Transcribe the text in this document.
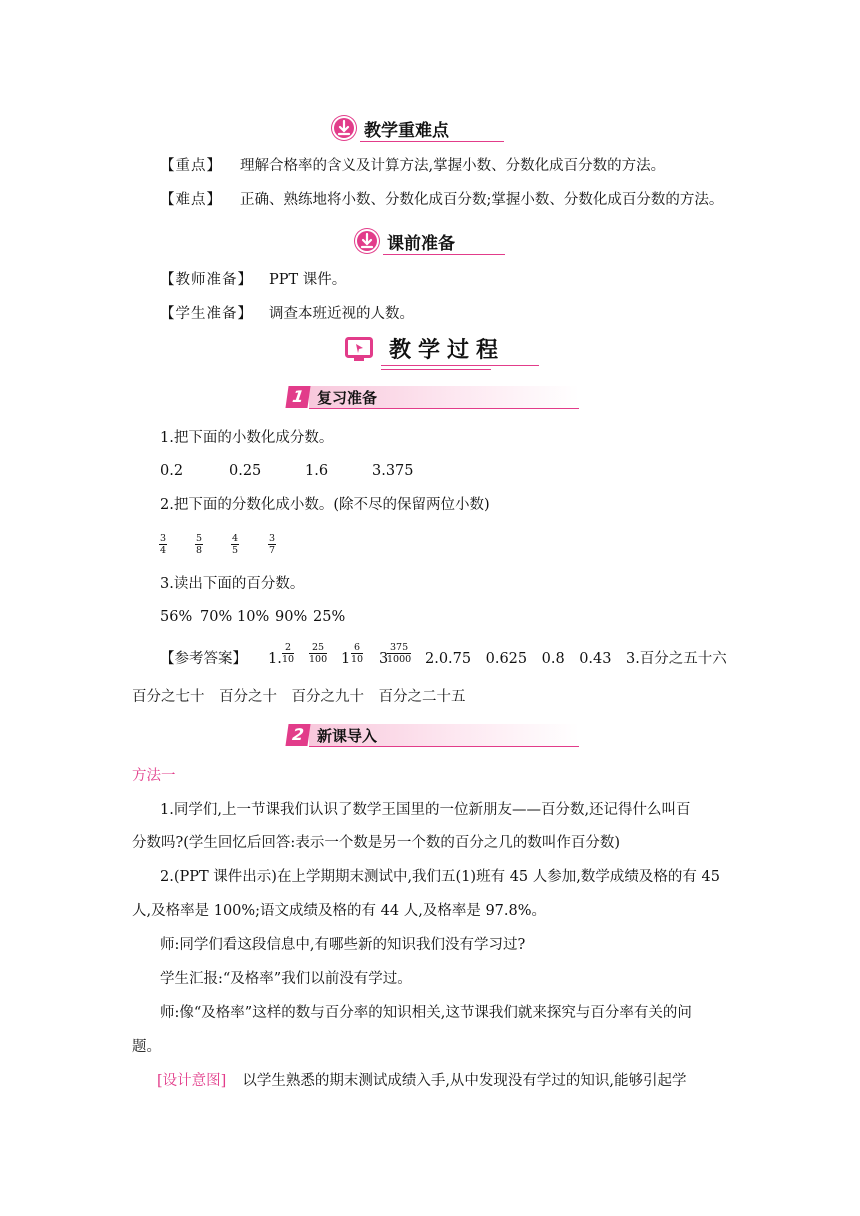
教学重难点
【重点】 理解合格率的含义及计算方法,掌握小数、分数化成百分数的方法。
【难点】 正确、熟练地将小数、分数化成百分数;掌握小数、分数化成百分数的方法。
课前准备
【教师准备】 PPT 课件。
【学生准备】 调查本班近视的人数。
教学过程
1 复习准备
1.把下面的小数化成分数。
0.2	0.25	1.6	3.375
2.把下面的分数化成小数。(除不尽的保留两位小数)
$\frac{3}{4}$	$\frac{5}{8}$	$\frac{4}{5}$	$\frac{3}{7}$
3.读出下面的百分数。
56% 70% 10% 90% 25%
【参考答案】 1. $\frac{2}{10} \frac{25}{100} 1 \frac{6}{10} 3$
$\frac{375}{1000} 2.0.75$　0.625　0.8　0.43　3.百分之五十六
百分之七十　百分之十　百分之九十　百分之二十五
2 新课导入
方法一
1.同学们,上一节课我们认识了数学王国里的一位新朋友——百分数,还记得什么叫百
分数吗?(学生回忆后回答:表示一个数是另一个数的百分之几的数叫作百分数)
2.(PPT 课件出示)在上学期期末测试中,我们五(1)班有 45 人参加,数学成绩及格的有 45
人,及格率是 100%;语文成绩及格的有 44 人,及格率是 97.8%。
师:同学们看这段信息中,有哪些新的知识我们没有学习过?
学生汇报:“及格率”我们以前没有学过。
师:像“及格率”这样的数与百分率的知识相关,这节课我们就来探究与百分率有关的问
题。
[设计意图] 以学生熟悉的期末测试成绩入手,从中发现没有学过的知识,能够引起学
